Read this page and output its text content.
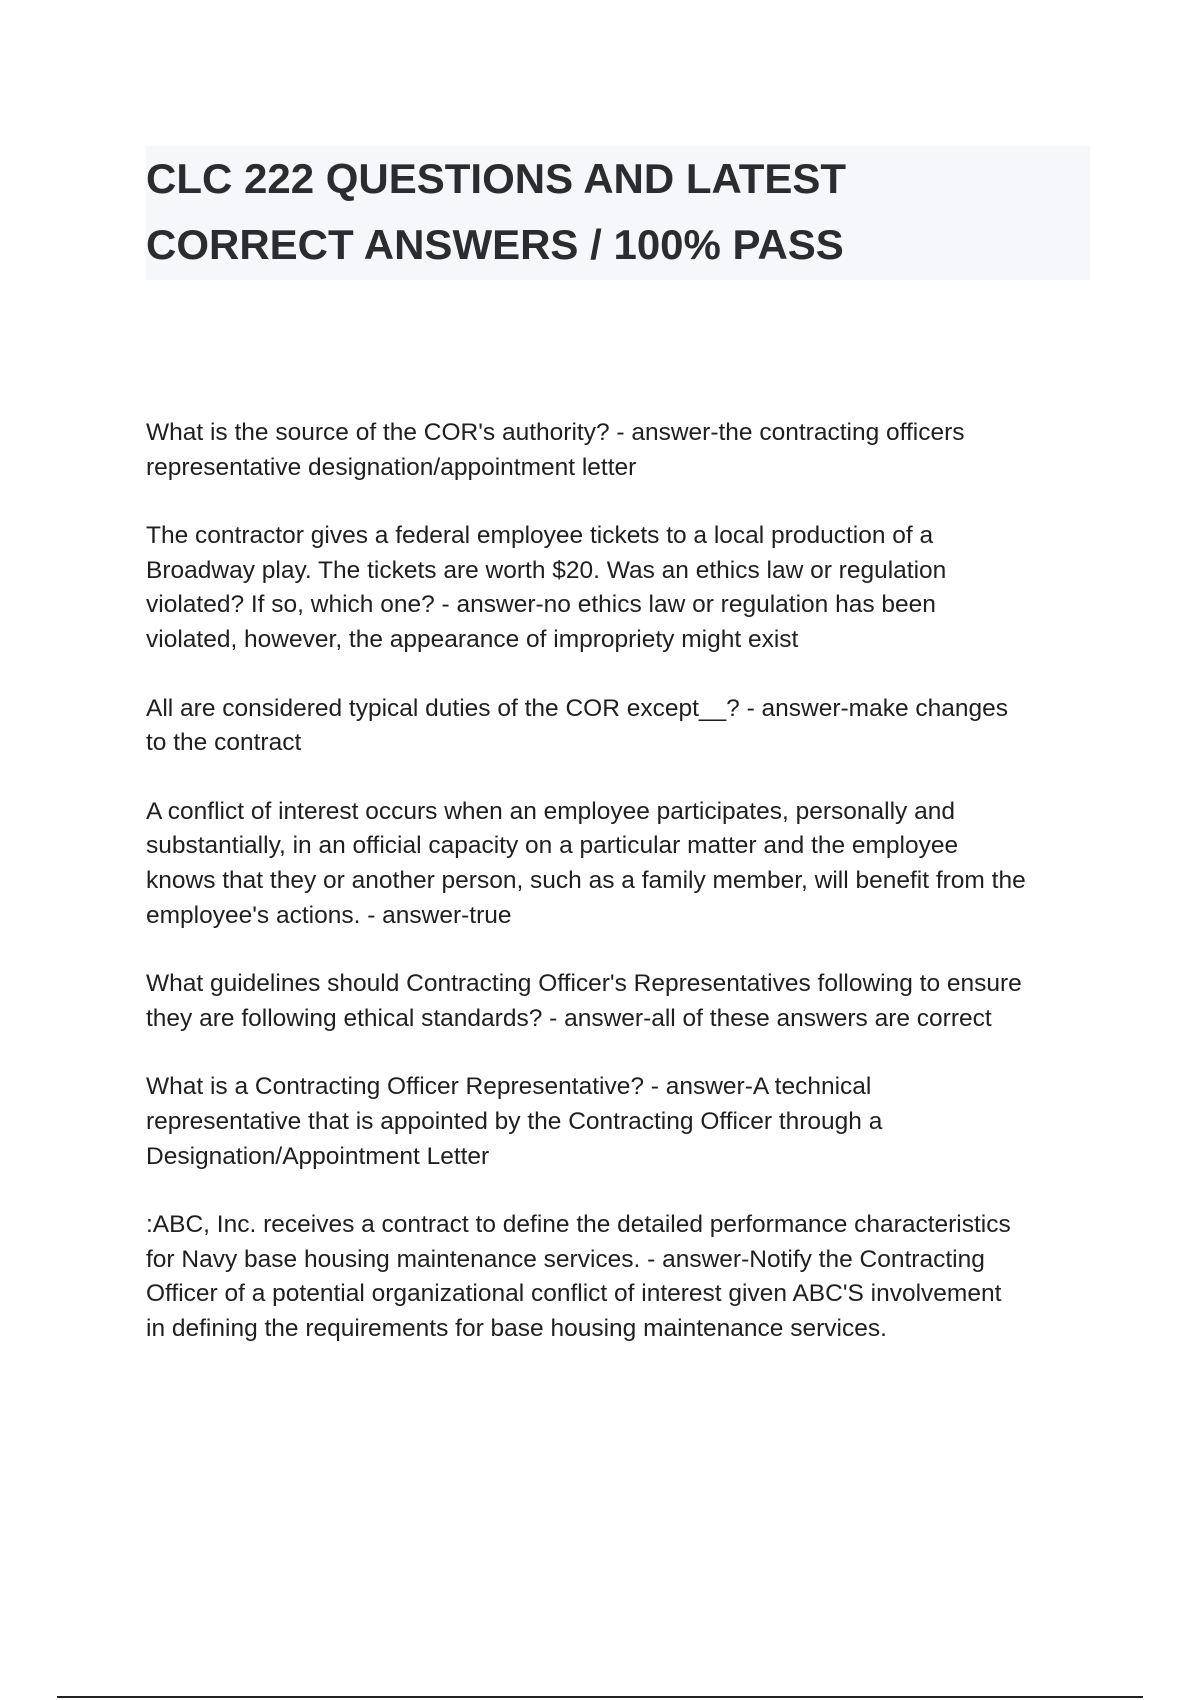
CLC 222 QUESTIONS AND LATEST
CORRECT ANSWERS / 100% PASS
What is the source of the COR's authority? - answer-the contracting officers
representative designation/appointment letter
The contractor gives a federal employee tickets to a local production of a
Broadway play. The tickets are worth $20. Was an ethics law or regulation
violated? If so, which one? - answer-no ethics law or regulation has been
violated, however, the appearance of impropriety might exist
All are considered typical duties of the COR except__? - answer-make changes
to the contract
A conflict of interest occurs when an employee participates, personally and
substantially, in an official capacity on a particular matter and the employee
knows that they or another person, such as a family member, will benefit from the
employee's actions. - answer-true
What guidelines should Contracting Officer's Representatives following to ensure
they are following ethical standards? - answer-all of these answers are correct
What is a Contracting Officer Representative? - answer-A technical
representative that is appointed by the Contracting Officer through a
Designation/Appointment Letter
:ABC, Inc. receives a contract to define the detailed performance characteristics
for Navy base housing maintenance services. - answer-Notify the Contracting
Officer of a potential organizational conflict of interest given ABC'S involvement
in defining the requirements for base housing maintenance services.
